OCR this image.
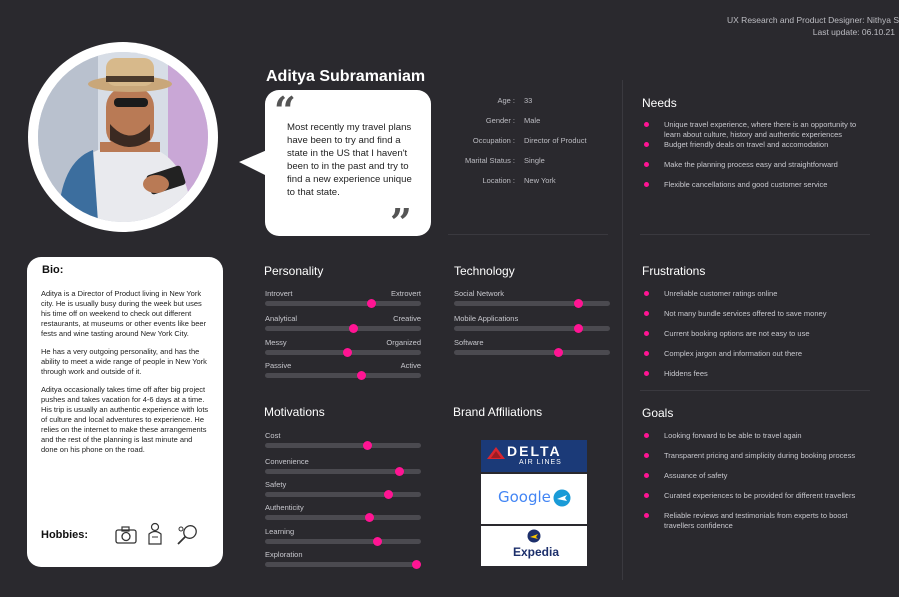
UX Research and Product Designer: Nithya S
Last update: 06.10.21
Aditya Subramaniam
“
”
Most recently my travel plans have been to try and find a state in the US that I haven't been to in the past and try to find a new experience unique to that state.
Age : 33
Gender : Male
Occupation : Director of Product
Marital Status : Single
Location : New York
Needs
Unique travel experience, where there is an opportunity to learn about culture, history and authentic experiences
Budget friendly deals on travel and accomodation
Make the planning process easy and straightforward
Flexible cancellations and good customer service
Frustrations
Unreliable customer ratings online
Not many bundle services offered to save money
Current booking options are not easy to use
Complex jargon and information out there
Hiddens fees
Goals
Looking forward to be able to travel again
Transparent pricing and simplicity during booking process
Assuance of safety
Curated experiences to be provided for different travellers
Reliable reviews and testimonials from experts to boost travellers confidence
Bio:

Aditya is a Director of Product living in New York city. He is usually busy during the week but uses his time off on weekend to check out different restaurants, at museums or other events like beer fests and wine tasting around New York City.

He has a very outgoing personality, and has the ability to meet a wide range of people in New York through work and outside of it.

Aditya occasionally takes time off after big project pushes and takes vacation for 4-6 days at a time. His trip is usually an authentic experience with lots of culture and local adventures to experience. He relies on the internet to make these arrangements and the rest of the planning is last minute and done on his phone on the road.

Hobbies:
Personality
Introvert	Extrovert
Analytical	Creative
Messy	Organized
Passive	Active
Technology
Social Network
Mobile Applications
Software
Motivations
Cost
Convenience
Safety
Authenticity
Learning
Exploration
Brand Affiliations
DELTA
AIR LINES
Google
Expedia
